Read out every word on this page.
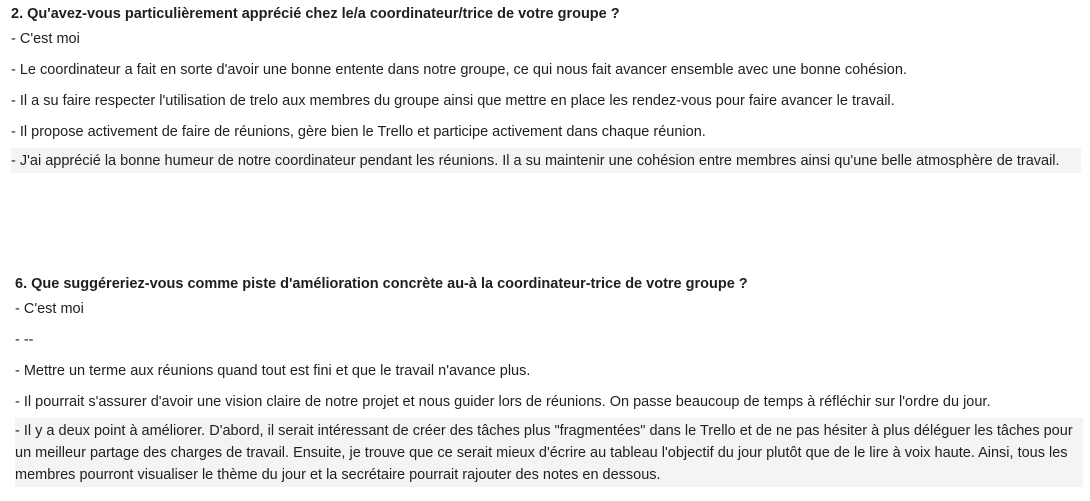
2. Qu'avez-vous particulièrement apprécié chez le/a coordinateur/trice de votre groupe ?
- C'est moi
- Le coordinateur a fait en sorte d'avoir une bonne entente dans notre groupe, ce qui nous fait avancer ensemble avec une bonne cohésion.
- Il a su faire respecter l'utilisation de trelo aux membres du groupe ainsi que mettre en place les rendez-vous pour faire avancer le travail.
- Il propose activement de faire de réunions, gère bien le Trello et participe activement dans chaque réunion.
- J'ai apprécié la bonne humeur de notre coordinateur pendant les réunions. Il a su maintenir une cohésion entre membres ainsi qu'une belle atmosphère de travail.
6. Que suggéreriez-vous comme piste d'amélioration concrète au-à la coordinateur-trice de votre groupe ?
- C'est moi
- --
- Mettre un terme aux réunions quand tout est fini et que le travail n'avance plus.
- Il pourrait s'assurer d'avoir une vision claire de notre projet et nous guider lors de réunions. On passe beaucoup de temps à réfléchir sur l'ordre du jour.
- Il y a deux point à améliorer. D'abord, il serait intéressant de créer des tâches plus "fragmentées" dans le Trello et de ne pas hésiter à plus déléguer les tâches pour un meilleur partage des charges de travail. Ensuite, je trouve que ce serait mieux d'écrire au tableau l'objectif du jour plutôt que de le lire à voix haute. Ainsi, tous les membres pourront visualiser le thème du jour et la secrétaire pourrait rajouter des notes en dessous.
